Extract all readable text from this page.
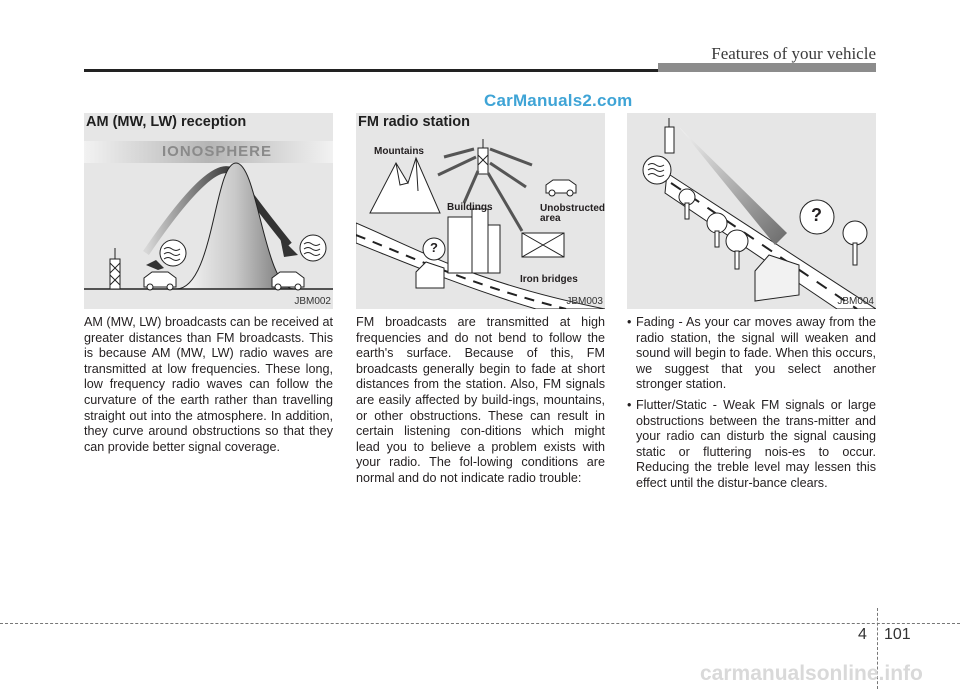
Features of your vehicle
CarManuals2.com
AM (MW, LW) reception
IONOSPHERE
JBM002
FM radio station
Mountains
Buildings	Unobstructed
area
Iron bridges
?
JBM003
?
JBM004
AM (MW, LW) broadcasts can be received at greater distances than FM broadcasts. This is because AM (MW, LW) radio waves are transmitted at low frequencies. These long, low frequency radio waves can follow the curvature of the earth rather than travelling straight out into the atmosphere. In addition, they curve around obstructions so that they can provide better signal coverage.
FM broadcasts are transmitted at high frequencies and do not bend to follow the earth's surface. Because of this, FM broadcasts generally begin to fade at short distances from the station. Also, FM signals are easily affected by build-ings, mountains, or other obstructions. These can result in certain listening con-ditions which might lead you to believe a problem exists with your radio. The fol-lowing conditions are normal and do not indicate radio trouble:
• Fading - As your car moves away from the radio station, the signal will weaken and sound will begin to fade. When this occurs, we suggest that you select another stronger station.
• Flutter/Static - Weak FM signals or large obstructions between the trans-mitter and your radio can disturb the signal causing static or fluttering nois-es to occur. Reducing the treble level may lessen this effect until the distur-bance clears.
4 101
carmanualsonline.info
